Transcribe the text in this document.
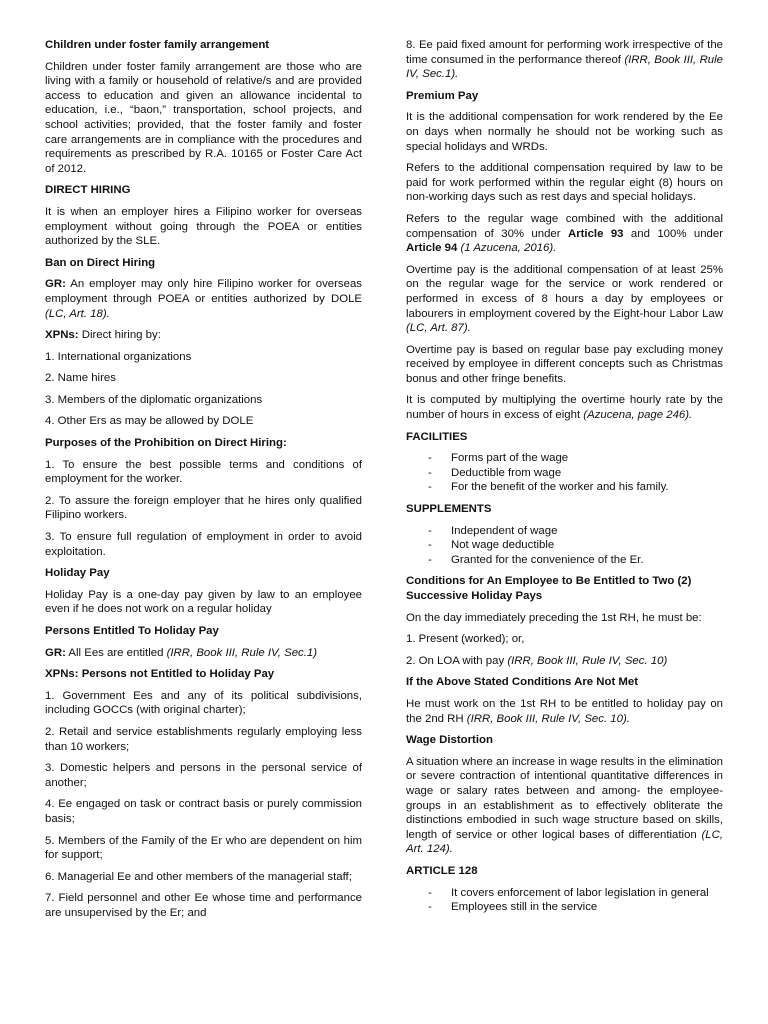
Children under foster family arrangement

Children under foster family arrangement are those who are living with a family or household of relative/s and are provided access to education and given an allowance incidental to education, i.e., “baon,” transportation, school projects, and school activities; provided, that the foster family and foster care arrangements are in compliance with the procedures and requirements as prescribed by R.A. 10165 or Foster Care Act of 2012.

DIRECT HIRING

It is when an employer hires a Filipino worker for overseas employment without going through the POEA or entities authorized by the SLE.

Ban on Direct Hiring

GR: An employer may only hire Filipino worker for overseas employment through POEA or entities authorized by DOLE (LC, Art. 18).

XPNs: Direct hiring by:

1. International organizations

2. Name hires

3. Members of the diplomatic organizations

4. Other Ers as may be allowed by DOLE

Purposes of the Prohibition on Direct Hiring:

1. To ensure the best possible terms and conditions of employment for the worker.

2. To assure the foreign employer that he hires only qualified Filipino workers.

3. To ensure full regulation of employment in order to avoid exploitation.

Holiday Pay

Holiday Pay is a one-day pay given by law to an employee even if he does not work on a regular holiday

Persons Entitled To Holiday Pay

GR: All Ees are entitled (IRR, Book III, Rule IV, Sec.1)

XPNs: Persons not Entitled to Holiday Pay

1. Government Ees and any of its political subdivisions, including GOCCs (with original charter);

2. Retail and service establishments regularly employing less than 10 workers;

3. Domestic helpers and persons in the personal service of another;

4. Ee engaged on task or contract basis or purely commission basis;

5. Members of the Family of the Er who are dependent on him for support;

6. Managerial Ee and other members of the managerial staff;

7. Field personnel and other Ee whose time and performance are unsupervised by the Er; and

8. Ee paid fixed amount for performing work irrespective of the time consumed in the performance thereof (IRR, Book III, Rule IV, Sec.1).

Premium Pay

It is the additional compensation for work rendered by the Ee on days when normally he should not be working such as special holidays and WRDs.

Refers to the additional compensation required by law to be paid for work performed within the regular eight (8) hours on non-working days such as rest days and special holidays.

Refers to the regular wage combined with the additional compensation of 30% under Article 93 and 100% under Article 94 (1 Azucena, 2016).

Overtime pay is the additional compensation of at least 25% on the regular wage for the service or work rendered or performed in excess of 8 hours a day by employees or labourers in employment covered by the Eight-hour Labor Law (LC, Art. 87).

Overtime pay is based on regular base pay excluding money received by employee in different concepts such as Christmas bonus and other fringe benefits.

It is computed by multiplying the overtime hourly rate by the number of hours in excess of eight (Azucena, page 246).

FACILITIES
- Forms part of the wage
- Deductible from wage
- For the benefit of the worker and his family.
SUPPLEMENTS
- Independent of wage
- Not wage deductible
- Granted for the convenience of the Er.
Conditions for An Employee to Be Entitled to Two (2) Successive Holiday Pays

On the day immediately preceding the 1st RH, he must be:

1. Present (worked); or,

2. On LOA with pay (IRR, Book III, Rule IV, Sec. 10)

If the Above Stated Conditions Are Not Met

He must work on the 1st RH to be entitled to holiday pay on the 2nd RH (IRR, Book III, Rule IV, Sec. 10).

Wage Distortion

A situation where an increase in wage results in the elimination or severe contraction of intentional quantitative differences in wage or salary rates between and among- the employee-groups in an establishment as to effectively obliterate the distinctions embodied in such wage structure based on skills, length of service or other logical bases of differentiation (LC, Art. 124).

ARTICLE 128
- It covers enforcement of labor legislation in general
- Employees still in the service
